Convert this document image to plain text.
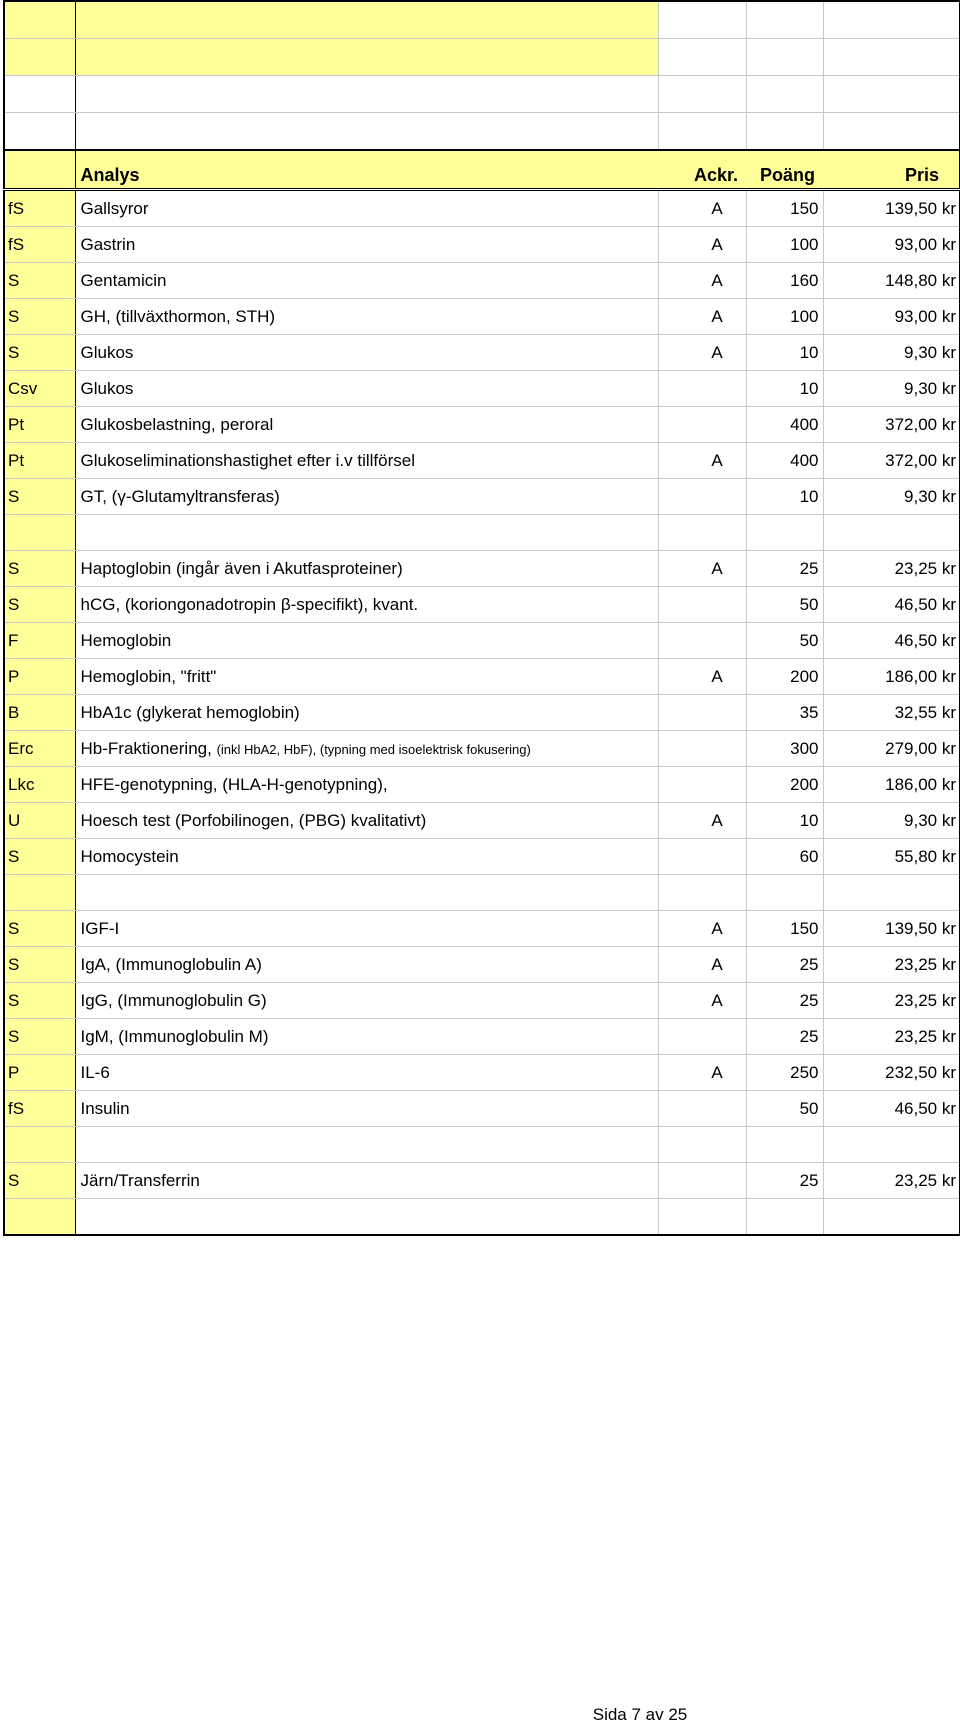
	Analys	Ackr.	Poäng	Pris
fS	Gallsyror	A	150	139,50 kr
fS	Gastrin	A	100	93,00 kr
S	Gentamicin	A	160	148,80 kr
S	GH, (tillväxthormon, STH)	A	100	93,00 kr
S	Glukos	A	10	9,30 kr
Csv	Glukos		10	9,30 kr
Pt	Glukosbelastning, peroral		400	372,00 kr
Pt	Glukoseliminationshastighet efter i.v tillförsel	A	400	372,00 kr
S	GT, (γ-Glutamyltransferas)		10	9,30 kr

S	Haptoglobin (ingår även i Akutfasproteiner)	A	25	23,25 kr
S	hCG, (koriongonadotropin β-specifikt), kvant.		50	46,50 kr
F	Hemoglobin		50	46,50 kr
P	Hemoglobin, "fritt"	A	200	186,00 kr
B	HbA1c (glykerat hemoglobin)		35	32,55 kr
Erc	Hb-Fraktionering, (inkl HbA2, HbF), (typning med isoelektrisk fokusering)		300	279,00 kr
Lkc	HFE-genotypning, (HLA-H-genotypning),		200	186,00 kr
U	Hoesch test (Porfobilinogen, (PBG) kvalitativt)	A	10	9,30 kr
S	Homocystein		60	55,80 kr

S	IGF-I	A	150	139,50 kr
S	IgA, (Immunoglobulin A)	A	25	23,25 kr
S	IgG, (Immunoglobulin G)	A	25	23,25 kr
S	IgM, (Immunoglobulin M)		25	23,25 kr
P	IL-6	A	250	232,50 kr
fS	Insulin		50	46,50 kr

S	Järn/Transferrin		25	23,25 kr

Sida 7 av 25
